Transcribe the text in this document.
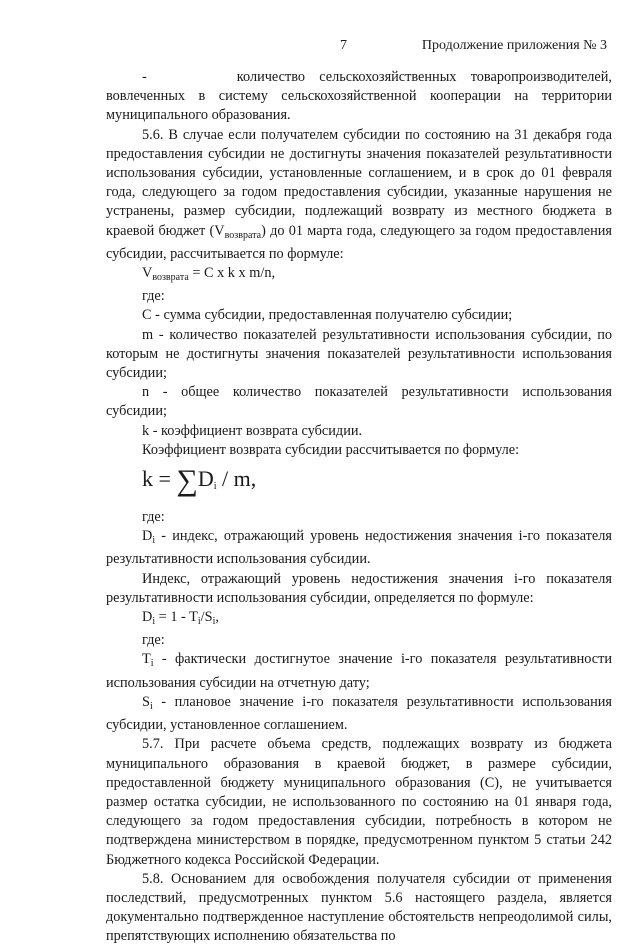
7	Продолжение приложения № 3

-	количество сельскохозяйственных товаропроизводителей, вовлеченных в систему сельскохозяйственной кооперации на территории муниципального образования.

5.6. В случае если получателем субсидии по состоянию на 31 декабря года предоставления субсидии не достигнуты значения показателей результативности использования субсидии, установленные соглашением, и в срок до 01 февраля года, следующего за годом предоставления субсидии, указанные нарушения не устранены, размер субсидии, подлежащий возврату из местного бюджета в краевой бюджет $(V_{возврата})$ до 01 марта года, следующего за годом предоставления субсидии, рассчитывается по формуле:

$V_{возврата} = C$ x k x m/n,

где:

C - сумма субсидии, предоставленная получателю субсидии;

m - количество показателей результативности использования субсидии, по которым не достигнуты значения показателей результативности использования субсидии;

n - общее количество показателей результативности использования субсидии;

k - коэффициент возврата субсидии.

Коэффициент возврата субсидии рассчитывается по формуле:

$k = \sum D_i / m$,

где:

$D_i$ - индекс, отражающий уровень недостижения значения i-го показателя результативности использования субсидии.

Индекс, отражающий уровень недостижения значения i-го показателя результативности использования субсидии, определяется по формуле:

$D_i = 1 - T_i/S_i$,

где:

$T_i$ - фактически достигнутое значение i-го показателя результативности использования субсидии на отчетную дату;

$S_i$ - плановое значение i-го показателя результативности использования субсидии, установленное соглашением.

5.7. При расчете объема средств, подлежащих возврату из бюджета муниципального образования в краевой бюджет, в размере субсидии, предоставленной бюджету муниципального образования (C), не учитывается размер остатка субсидии, не использованного по состоянию на 01 января года, следующего за годом предоставления субсидии, потребность в котором не подтверждена министерством в порядке, предусмотренном пунктом 5 статьи 242 Бюджетного кодекса Российской Федерации.

5.8. Основанием для освобождения получателя субсидии от применения последствий, предусмотренных пунктом 5.6 настоящего раздела, является документально подтвержденное наступление обстоятельств непреодолимой силы, препятствующих исполнению обязательства по
